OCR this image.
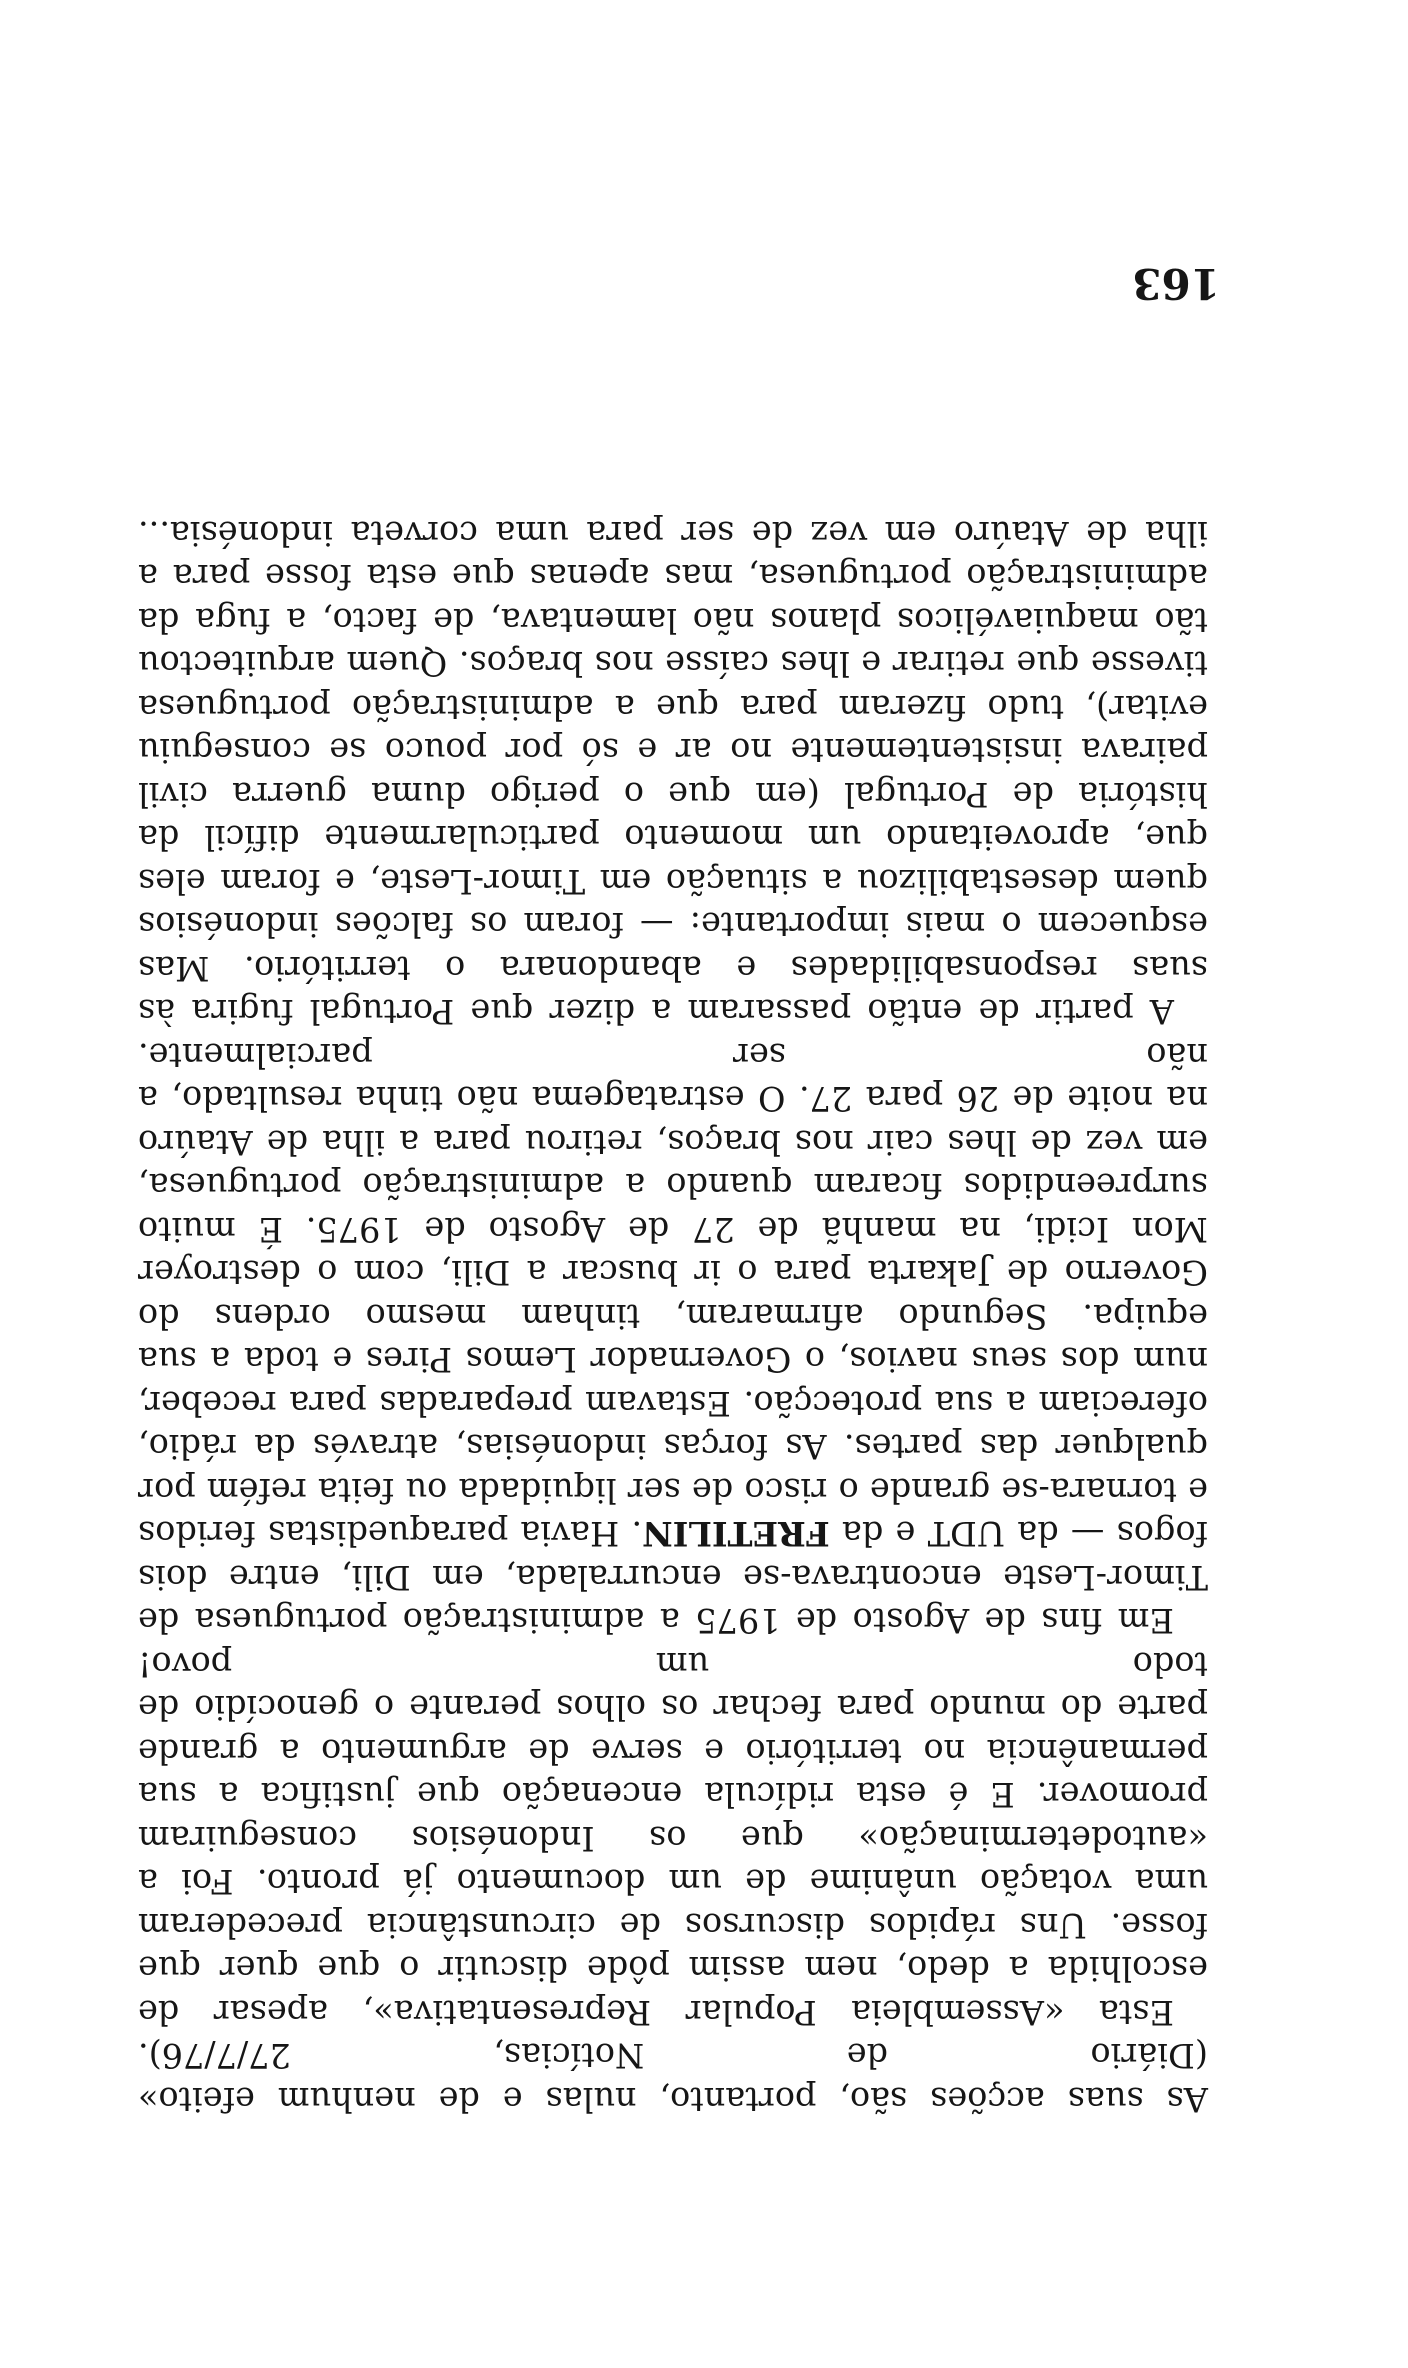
As suas acções são, portanto, nulas e de nenhum efeito» (Diário de Notícias, 27/7/76).

Esta «Assembleia Popular Representativa», apesar de escolhida a dedo, nem assim pôde discutir o que quer que fosse. Uns rápidos discursos de circunstância precederam uma votação unânime de um documento já pronto. Foi a «autodeterminação» que os Indonésios conseguiram promover. E é esta ridícula encenação que justifica a sua permanência no território e serve de argumento a grande parte do mundo para fechar os olhos perante o genocídio de todo um povo!

Em fins de Agosto de 1975 a administração portuguesa de Timor-Leste encontrava-se encurralada, em Dili, entre dois fogos — da UDT e da FRETILIN. Havia paraquedistas feridos e tornara-se grande o risco de ser liquidada ou feita refém por qualquer das partes. As forças indonésias, através da rádio, ofereciam a sua protecção. Estavam preparadas para receber, num dos seus navios, o Governador Lemos Pires e toda a sua equipa. Segundo afirmaram, tinham mesmo ordens do Governo de Jakarta para o ir buscar a Dili, com o destroyer Mon Icidi, na manhã de 27 de Agosto de 1975. É muito surpreendidos ficaram quando a administração portuguesa, em vez de lhes cair nos braços, retirou para a ilha de Ataúro na noite de 26 para 27. O estratagema não tinha resultado, a não ser parcialmente.

A partir de então passaram a dizer que Portugal fugira às suas responsabilidades e abandonara o território. Mas esquecem o mais importante: — foram os falcões indonésios quem desestabilizou a situação em Timor-Leste, e foram eles que, aproveitando um momento particularmente difícil da história de Portugal (em que o perigo duma guerra civil pairava insistentemente no ar e só por pouco se conseguiu evitar), tudo fizeram para que a administração portuguesa tivesse que retirar e lhes caísse nos braços. Quem arquitectou tão maquiavélicos planos não lamentava, de facto, a fuga da administração portuguesa, mas apenas que esta fosse para a ilha de Ataúro em vez de ser para uma corveta indonésia...

163
